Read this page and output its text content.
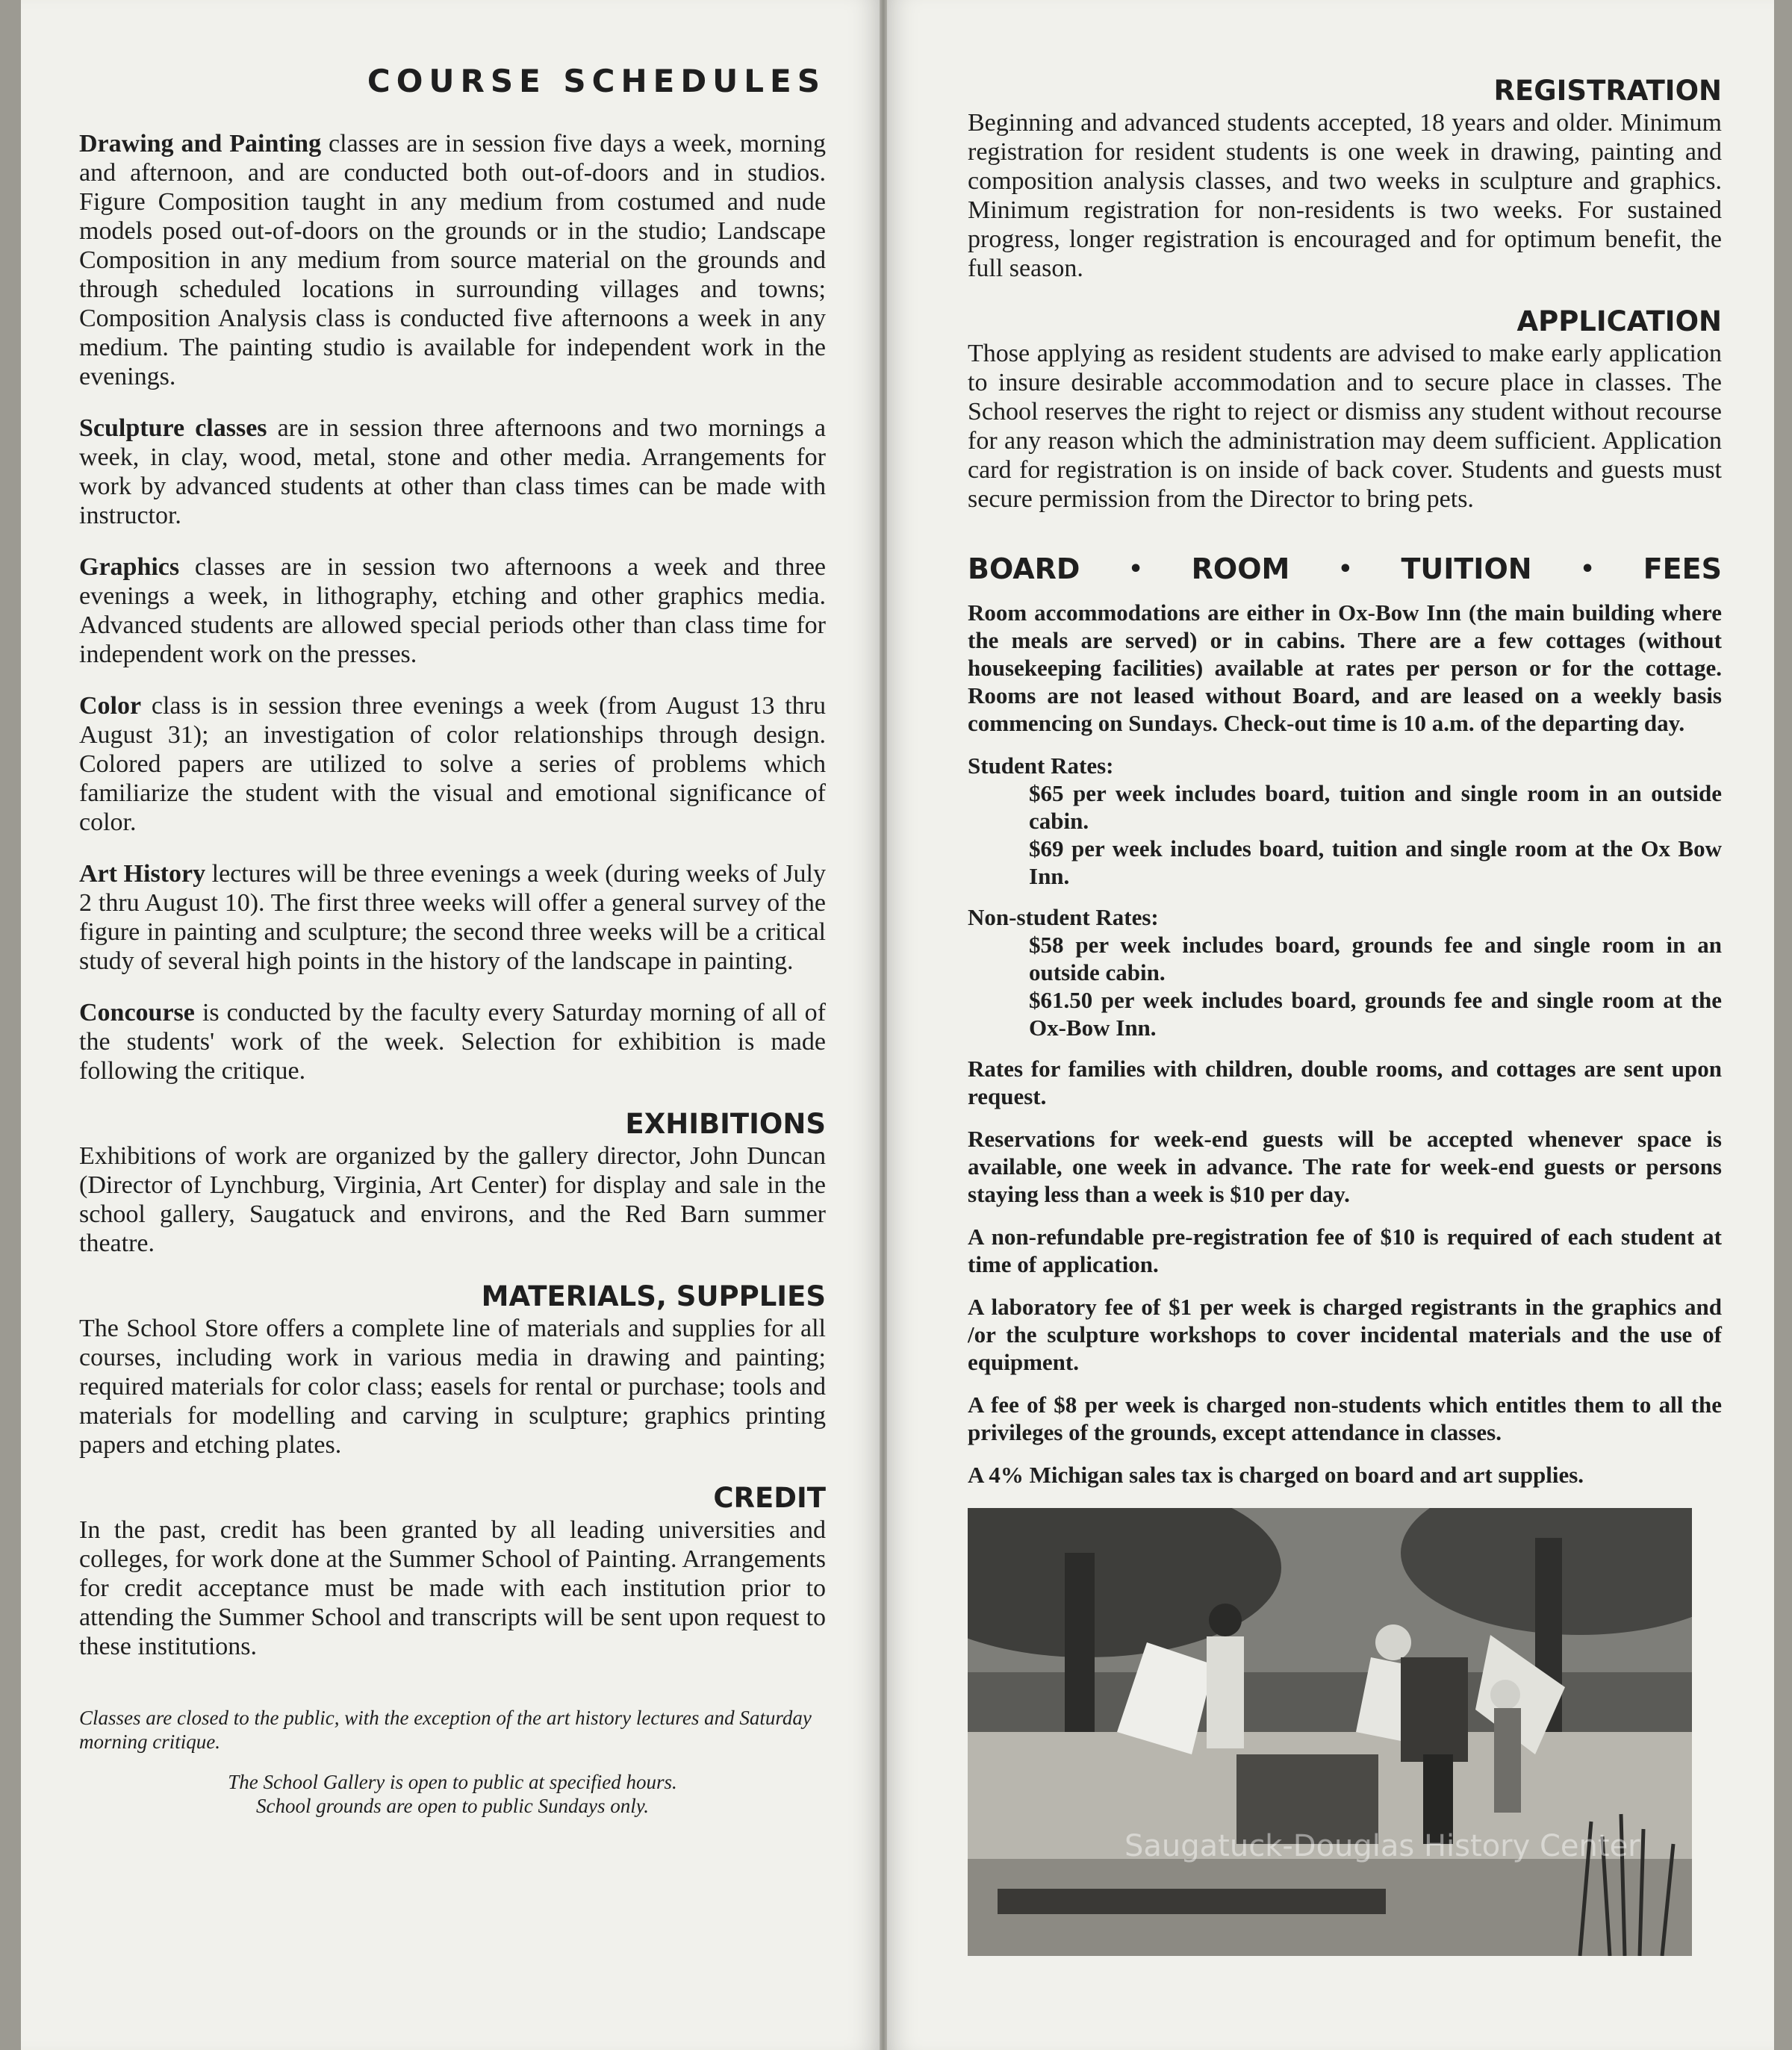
COURSE SCHEDULES

Drawing and Painting classes are in session five days a week, morning and afternoon, and are conducted both out-of-doors and in studios. Figure Composition taught in any medium from costumed and nude models posed out-of-doors on the grounds or in the studio; Landscape Composition in any medium from source material on the grounds and through scheduled locations in surrounding villages and towns; Composition Analysis class is conducted five afternoons a week in any medium. The painting studio is available for independent work in the evenings.

Sculpture classes are in session three afternoons and two mornings a week, in clay, wood, metal, stone and other media. Arrangements for work by advanced students at other than class times can be made with instructor.

Graphics classes are in session two afternoons a week and three evenings a week, in lithography, etching and other graphics media. Advanced students are allowed special periods other than class time for independent work on the presses.

Color class is in session three evenings a week (from August 13 thru August 31); an investigation of color relationships through design. Colored papers are utilized to solve a series of problems which familiarize the student with the visual and emotional significance of color.

Art History lectures will be three evenings a week (during weeks of July 2 thru August 10). The first three weeks will offer a general survey of the figure in painting and sculpture; the second three weeks will be a critical study of several high points in the history of the landscape in painting.

Concourse is conducted by the faculty every Saturday morning of all of the students' work of the week. Selection for exhibition is made following the critique.

EXHIBITIONS

Exhibitions of work are organized by the gallery director, John Duncan (Director of Lynchburg, Virginia, Art Center) for display and sale in the school gallery, Saugatuck and environs, and the Red Barn summer theatre.

MATERIALS, SUPPLIES

The School Store offers a complete line of materials and supplies for all courses, including work in various media in drawing and painting; required materials for color class; easels for rental or purchase; tools and materials for modelling and carving in sculpture; graphics printing papers and etching plates.

CREDIT

In the past, credit has been granted by all leading universities and colleges, for work done at the Summer School of Painting. Arrangements for credit acceptance must be made with each institution prior to attending the Summer School and transcripts will be sent upon request to these institutions.

Classes are closed to the public, with the exception of the art history lectures and Saturday morning critique.

The School Gallery is open to public at specified hours.

School grounds are open to public Sundays only.

REGISTRATION

Beginning and advanced students accepted, 18 years and older. Minimum registration for resident students is one week in drawing, painting and composition analysis classes, and two weeks in sculpture and graphics. Minimum registration for non-residents is two weeks. For sustained progress, longer registration is encouraged and for optimum benefit, the full season.

APPLICATION

Those applying as resident students are advised to make early application to insure desirable accommodation and to secure place in classes. The School reserves the right to reject or dismiss any student without recourse for any reason which the administration may deem sufficient. Application card for registration is on inside of back cover. Students and guests must secure permission from the Director to bring pets.

BOARD • ROOM • TUITION • FEES

Room accommodations are either in Ox-Bow Inn (the main building where the meals are served) or in cabins. There are a few cottages (without housekeeping facilities) available at rates per person or for the cottage. Rooms are not leased without Board, and are leased on a weekly basis commencing on Sundays. Check-out time is 10 a.m. of the departing day.

Student Rates:

$65 per week includes board, tuition and single room in an outside cabin.

$69 per week includes board, tuition and single room at the Ox Bow Inn.

Non-student Rates:

$58 per week includes board, grounds fee and single room in an outside cabin.

$61.50 per week includes board, grounds fee and single room at the Ox-Bow Inn.

Rates for families with children, double rooms, and cottages are sent upon request.

Reservations for week-end guests will be accepted whenever space is available, one week in advance. The rate for week-end guests or persons staying less than a week is $10 per day.

A non-refundable pre-registration fee of $10 is required of each student at time of application.

A laboratory fee of $1 per week is charged registrants in the graphics and /or the sculpture workshops to cover incidental materials and the use of equipment.

A fee of $8 per week is charged non-students which entitles them to all the privileges of the grounds, except attendance in classes.

A 4% Michigan sales tax is charged on board and art supplies.

Saugatuck-Douglas History Center
